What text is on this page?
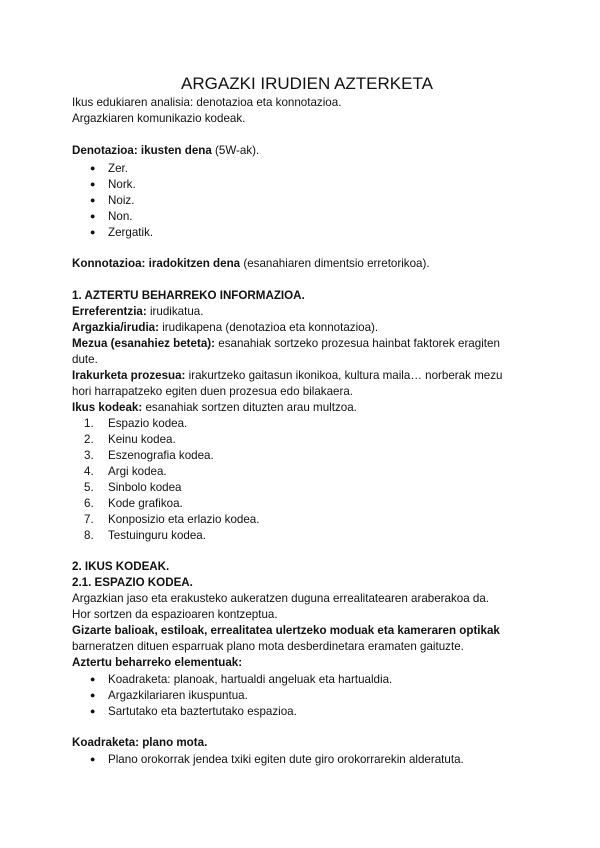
ARGAZKI IRUDIEN AZTERKETA
Ikus edukiaren analisia: denotazioa eta konnotazioa.
Argazkiaren komunikazio kodeak.
Denotazioa: ikusten dena (5W-ak).
● Zer.
● Nork.
● Noiz.
● Non.
● Zergatik.
Konnotazioa: iradokitzen dena (esanahiaren dimentsio erretorikoa).
1. AZTERTU BEHARREKO INFORMAZIOA.
Erreferentzia: irudikatua.
Argazkia/irudia: irudikapena (denotazioa eta konnotazioa).
Mezua (esanahiez beteta): esanahiak sortzeko prozesua hainbat faktorek eragiten
dute.
Irakurketa prozesua: irakurtzeko gaitasun ikonikoa, kultura maila… norberak mezu
hori harrapatzeko egiten duen prozesua edo bilakaera.
Ikus kodeak: esanahiak sortzen dituzten arau multzoa.
1. Espazio kodea.
2. Keinu kodea.
3. Eszenografia kodea.
4. Argi kodea.
5. Sinbolo kodea
6. Kode grafikoa.
7. Konposizio eta erlazio kodea.
8. Testuinguru kodea.
2. IKUS KODEAK.
2.1. ESPAZIO KODEA.
Argazkian jaso eta erakusteko aukeratzen duguna errealitatearen araberakoa da.
Hor sortzen da espazioaren kontzeptua.
Gizarte balioak, estiloak, errealitatea ulertzeko moduak eta kameraren optikak
barneratzen dituen esparruak plano mota desberdinetara eramaten gaituzte.
Aztertu beharreko elementuak:
● Koadraketa: planoak, hartualdi angeluak eta hartualdia.
● Argazkilariaren ikuspuntua.
● Sartutako eta baztertutako espazioa.
Koadraketa: plano mota.
● Plano orokorrak jendea txiki egiten dute giro orokorrarekin alderatuta.
